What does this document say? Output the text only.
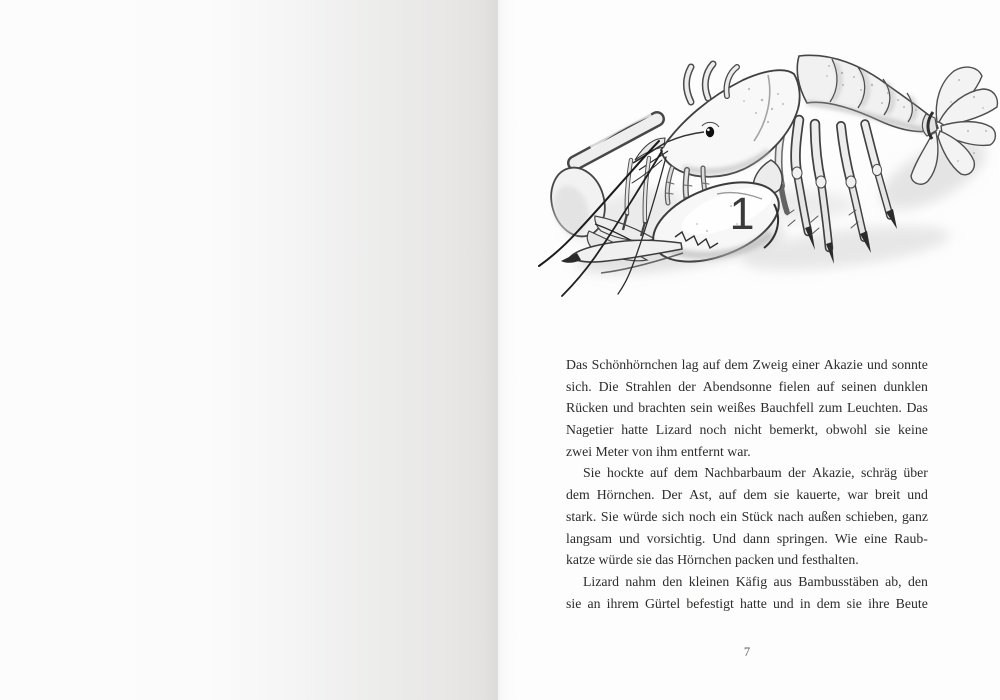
1
Das Schönhörnchen lag auf dem Zweig einer Akazie und sonnte
sich. Die Strahlen der Abendsonne fielen auf seinen dunklen
Rücken und brachten sein weißes Bauchfell zum Leuchten. Das
Nagetier hatte Lizard noch nicht bemerkt, obwohl sie keine
zwei Meter von ihm entfernt war.
Sie hockte auf dem Nachbarbaum der Akazie, schräg über
dem Hörnchen. Der Ast, auf dem sie kauerte, war breit und
stark. Sie würde sich noch ein Stück nach außen schieben, ganz
langsam und vorsichtig. Und dann springen. Wie eine Raub-
katze würde sie das Hörnchen packen und festhalten.
Lizard nahm den kleinen Käfig aus Bambusstäben ab, den
sie an ihrem Gürtel befestigt hatte und in dem sie ihre Beute
7
